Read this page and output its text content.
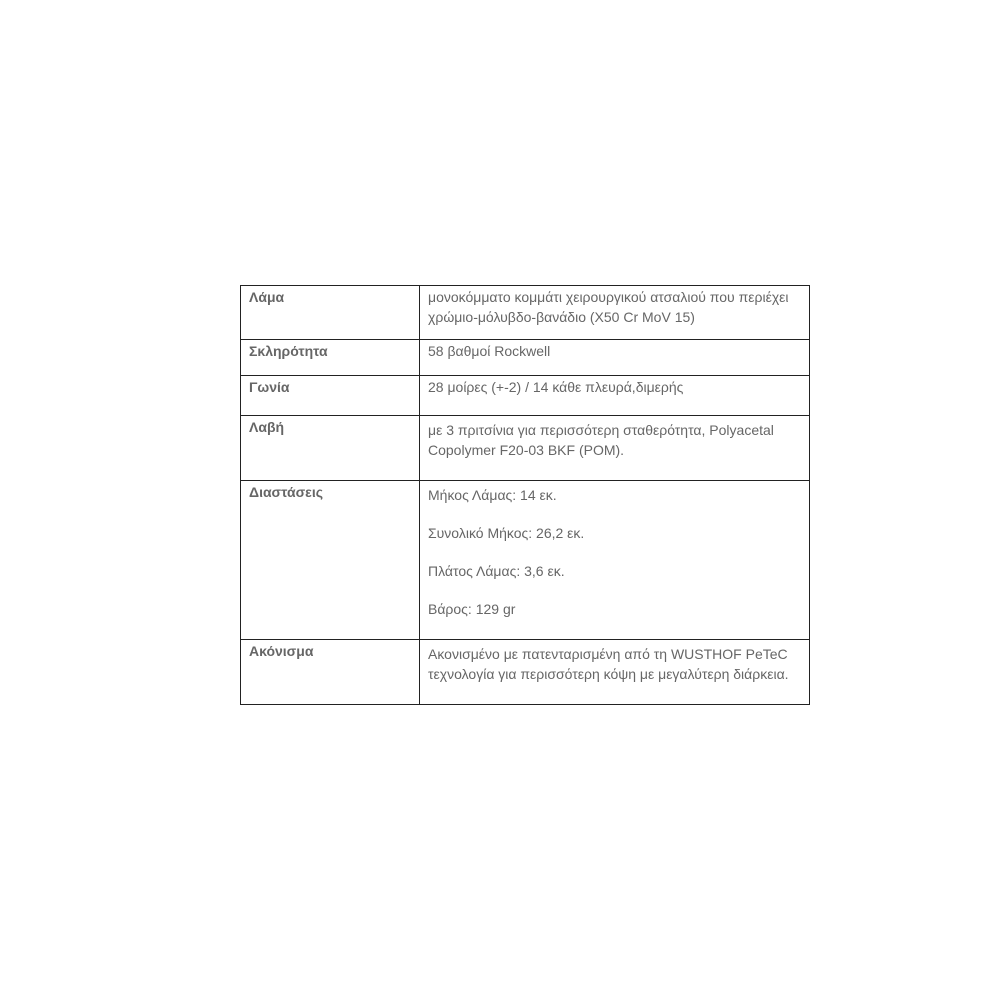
Λάμα	μονοκόμματο κομμάτι χειρουργικού ατσαλιού που περιέχει χρώμιο-μόλυβδο-βανάδιο (X50 Cr MoV 15)
Σκληρότητα	58 βαθμοί Rockwell
Γωνία	28 μοίρες (+-2) / 14 κάθε πλευρά,διμερής
Λαβή	με 3 πριτσίνια για περισσότερη σταθερότητα, Polyacetal Copolymer F20-03 BKF (POM).
Διαστάσεις	Μήκος Λάμας: 14 εκ.

Συνολικό Μήκος: 26,2 εκ.

Πλάτος Λάμας: 3,6 εκ.

Βάρος: 129 gr

Ακόνισμα	Ακονισμένο με πατενταρισμένη από τη WUSTHOF PeTeC τεχνολογία για περισσότερη κόψη με μεγαλύτερη διάρκεια.
